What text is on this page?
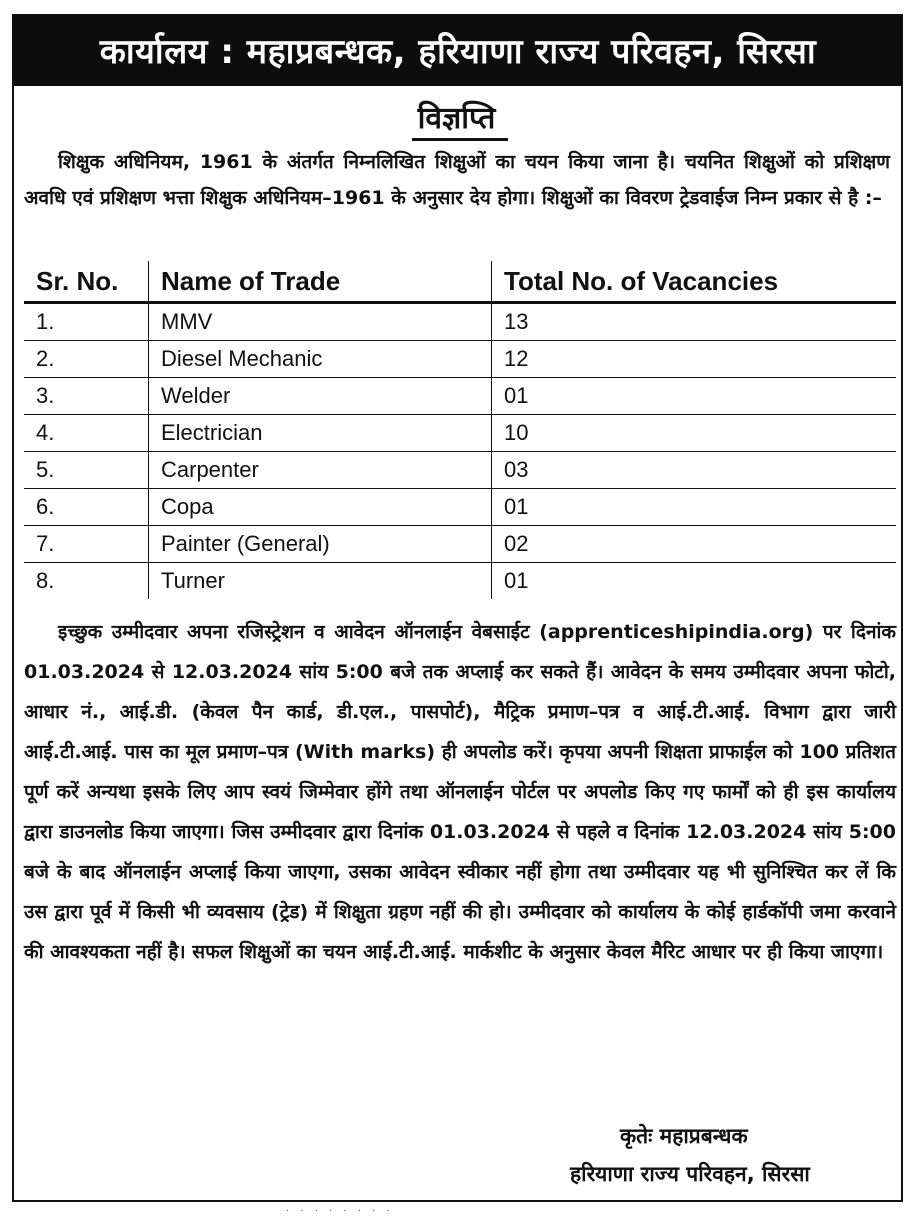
कार्यालय : महाप्रबन्धक, हरियाणा राज्य परिवहन, सिरसा
विज्ञप्ति
शिक्षुक अधिनियम, 1961 के अंतर्गत निम्नलिखित शिक्षुओं का चयन किया जाना है। चयनित शिक्षुओं को प्रशिक्षण अवधि एवं प्रशिक्षण भत्ता शिक्षुक अधिनियम–1961 के अनुसार देय होगा। शिक्षुओं का विवरण ट्रेडवाईज निम्न प्रकार से है :–
Sr. No.	Name of Trade	Total No. of Vacancies
1.	MMV	13
2.	Diesel Mechanic	12
3.	Welder	01
4.	Electrician	10
5.	Carpenter	03
6.	Copa	01
7.	Painter (General)	02
8.	Turner	01
इच्छुक उम्मीदवार अपना रजिस्ट्रेशन व आवेदन ऑनलाईन वेबसाईट (apprenticeshipindia.org) पर दिनांक 01.03.2024 से 12.03.2024 सांय 5:00 बजे तक अप्लाई कर सकते हैं। आवेदन के समय उम्मीदवार अपना फोटो, आधार नं., आई.डी. (केवल पैन कार्ड, डी.एल., पासपोर्ट), मैट्रिक प्रमाण–पत्र व आई.टी.आई. विभाग द्वारा जारी आई.टी.आई. पास का मूल प्रमाण–पत्र (With marks) ही अपलोड करें। कृपया अपनी शिक्षता प्राफाईल को 100 प्रतिशत पूर्ण करें अन्यथा इसके लिए आप स्वयं जिम्मेवार होंगे तथा ऑनलाईन पोर्टल पर अपलोड किए गए फार्मों को ही इस कार्यालय द्वारा डाउनलोड किया जाएगा। जिस उम्मीदवार द्वारा दिनांक 01.03.2024 से पहले व दिनांक 12.03.2024 सांय 5:00 बजे के बाद ऑनलाईन अप्लाई किया जाएगा, उसका आवेदन स्वीकार नहीं होगा तथा उम्मीदवार यह भी सुनिश्चित कर लें कि उस द्वारा पूर्व में किसी भी व्यवसाय (ट्रेड) में शिक्षुता ग्रहण नहीं की हो। उम्मीदवार को कार्यालय के कोई हार्डकॉपी जमा करवाने की आवश्यकता नहीं है। सफल शिक्षुओं का चयन आई.टी.आई. मार्कशीट के अनुसार केवल मैरिट आधार पर ही किया जाएगा।
कृतेः महाप्रबन्धक
हरियाणा राज्य परिवहन, सिरसा
· · · · · · · ·
